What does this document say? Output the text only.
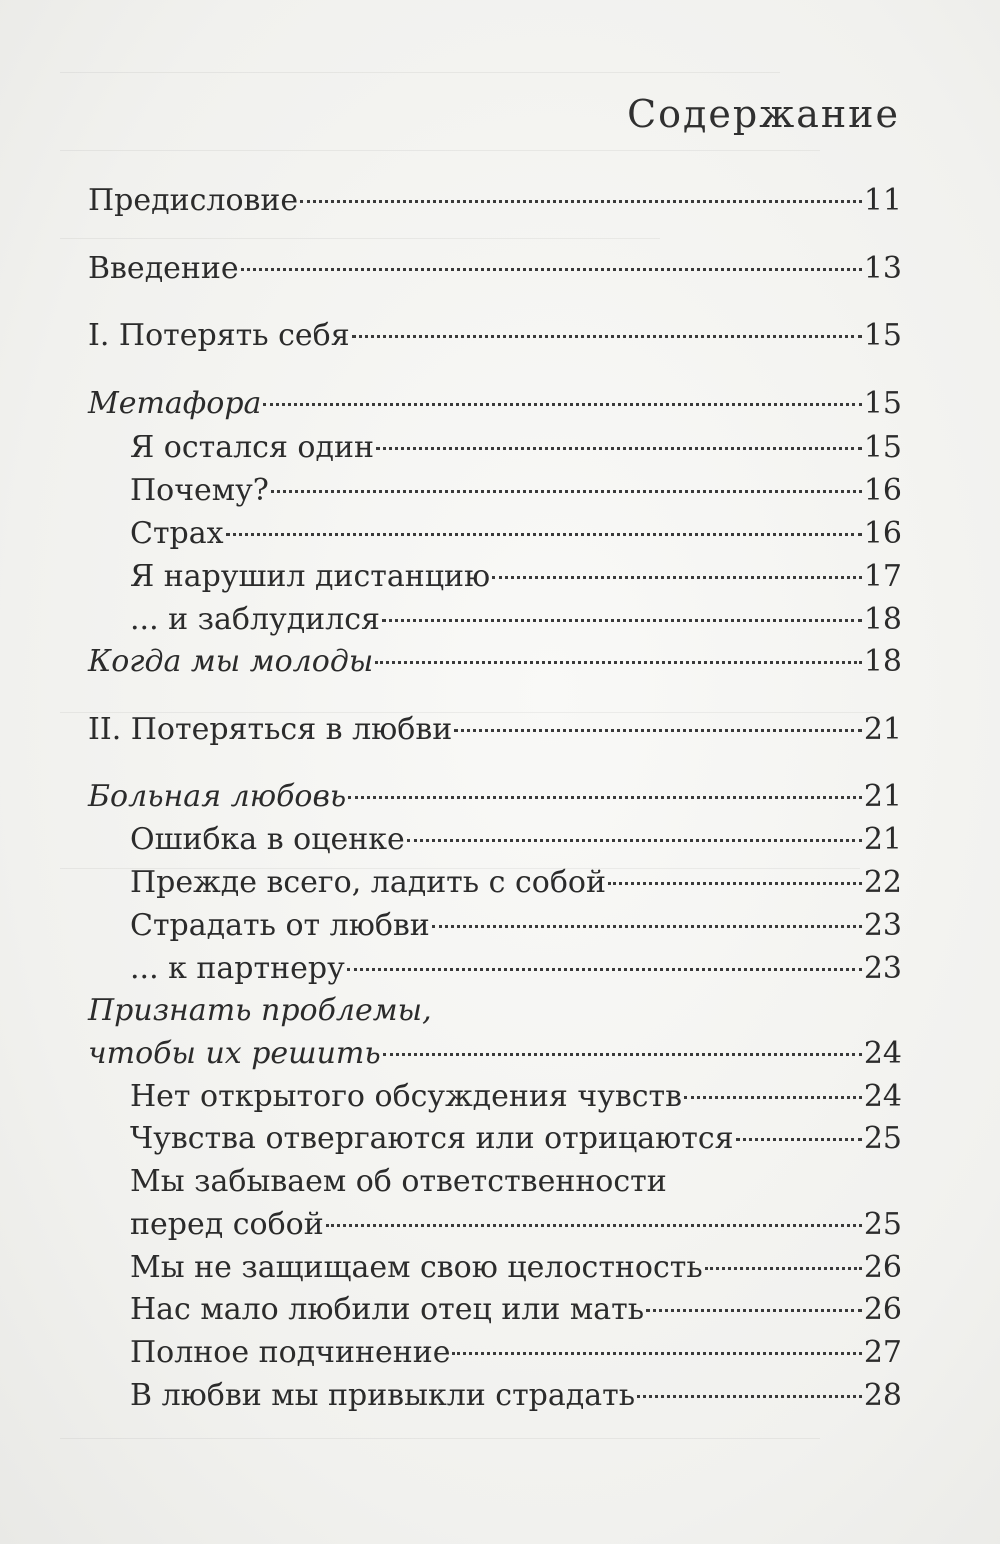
Содержание
Предисловие	11
Введение	13
I. Потерять себя	15
Метафора	15
Я остался один	15
Почему?	16
Страх	16
Я нарушил дистанцию	17
... и заблудился	18
Когда мы молоды	18
II. Потеряться в любви	21
Больная любовь	21
Ошибка в оценке	21
Прежде всего, ладить с собой	22
Страдать от любви	23
... к партнеру	23
Признать проблемы,
чтобы их решить	24
Нет открытого обсуждения чувств	24
Чувства отвергаются или отрицаются	25
Мы забываем об ответственности
перед собой	25
Мы не защищаем свою целостность	26
Нас мало любили отец или мать	26
Полное подчинение	27
В любви мы привыкли страдать	28
